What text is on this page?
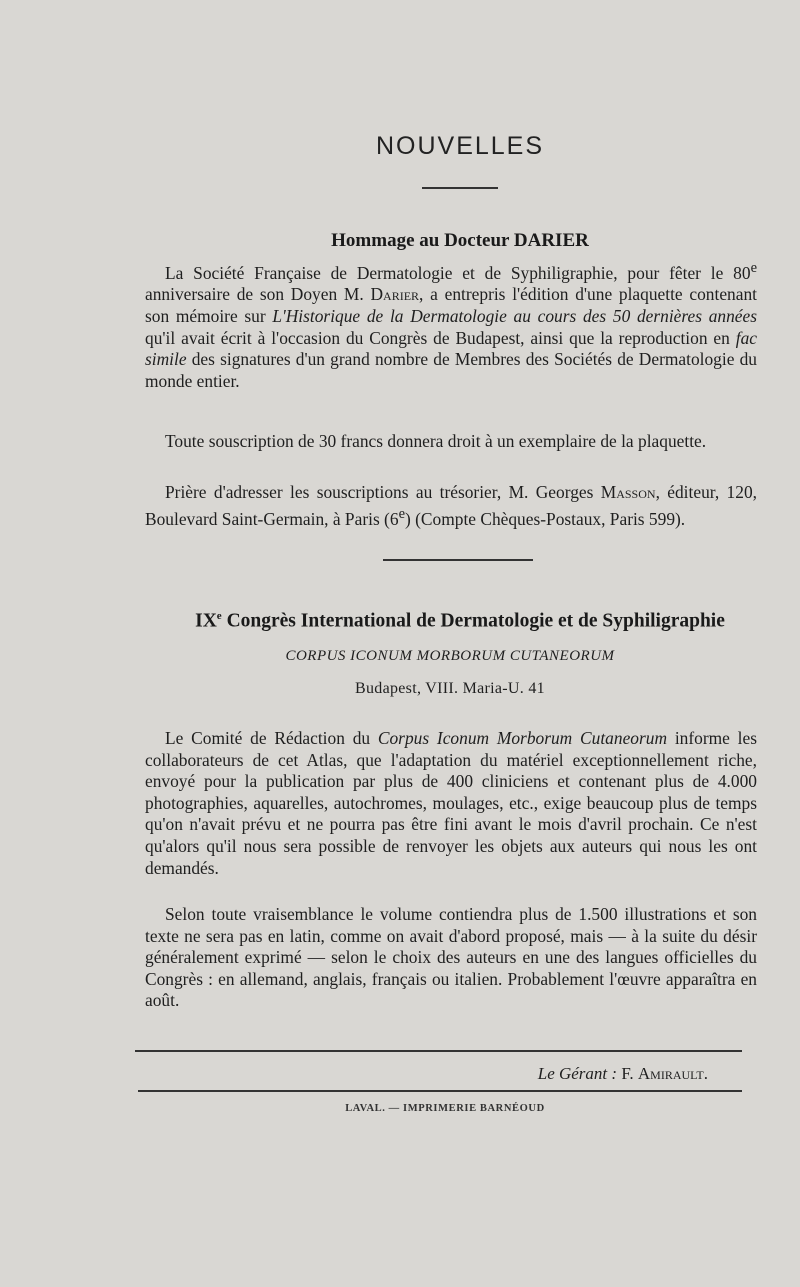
NOUVELLES
Hommage au Docteur DARIER

La Société Française de Dermatologie et de Syphiligraphie, pour fêter le 80e anniversaire de son Doyen M. Darier, a entrepris l'édition d'une plaquette contenant son mémoire sur L'Historique de la Dermatologie au cours des 50 dernières années qu'il avait écrit à l'occasion du Congrès de Budapest, ainsi que la reproduction en fac simile des signatures d'un grand nombre de Membres des Sociétés de Dermatologie du monde entier.

Toute souscription de 30 francs donnera droit à un exemplaire de la plaquette.

Prière d'adresser les souscriptions au trésorier, M. Georges Masson, éditeur, 120, Boulevard Saint-Germain, à Paris (6e) (Compte Chèques-Postaux, Paris 599).

IXe Congrès International de Dermatologie et de Syphiligraphie
CORPUS ICONUM MORBORUM CUTANEORUM
Budapest, VIII. Maria-U. 41

Le Comité de Rédaction du Corpus Iconum Morborum Cutaneorum informe les collaborateurs de cet Atlas, que l'adaptation du matériel exceptionnellement riche, envoyé pour la publication par plus de 400 cliniciens et contenant plus de 4.000 photographies, aquarelles, autochromes, moulages, etc., exige beaucoup plus de temps qu'on n'avait prévu et ne pourra pas être fini avant le mois d'avril prochain. Ce n'est qu'alors qu'il nous sera possible de renvoyer les objets aux auteurs qui nous les ont demandés.

Selon toute vraisemblance le volume contiendra plus de 1.500 illustrations et son texte ne sera pas en latin, comme on avait d'abord proposé, mais — à la suite du désir généralement exprimé — selon le choix des auteurs en une des langues officielles du Congrès : en allemand, anglais, français ou italien. Probablement l'œuvre apparaîtra en août.

Le Gérant : F. Amirault.
LAVAL. — IMPRIMERIE BARNÉOUD
